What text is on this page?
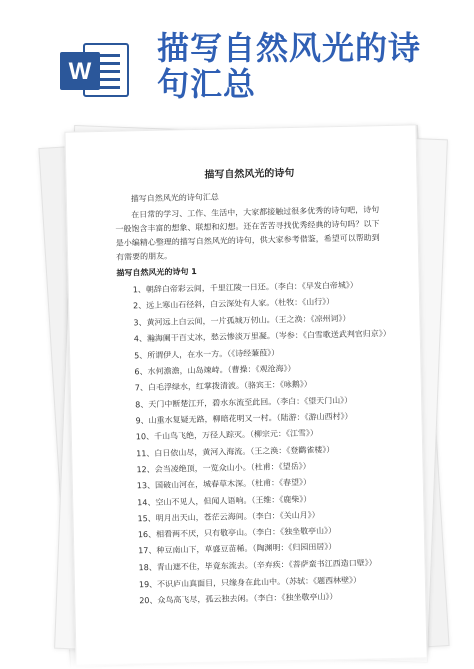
W
描写自然风光的诗
句汇总

描写自然风光的诗句

描写自然风光的诗句汇总

在日常的学习、工作、生活中，大家都接触过很多优秀的诗句吧，诗句一般饱含丰富的想象、联想和幻想。还在苦苦寻找优秀经典的诗句吗？以下是小编精心整理的描写自然风光的诗句，供大家参考借鉴，希望可以帮助到有需要的朋友。

描写自然风光的诗句 1

1、朝辞白帝彩云间，千里江陵一日还。（李白：《早发白帝城》）
2、远上寒山石径斜，白云深处有人家。（杜牧：《山行》）
3、黄河远上白云间，一片孤城万仞山。（王之涣：《凉州词》）
4、瀚海阑干百丈冰，愁云惨淡万里凝。（岑参：《白雪歌送武判官归京》）
5、所谓伊人，在水一方。（《诗经蒹葭》）
6、水何澹澹，山岛竦峙。（曹操：《观沧海》）
7、白毛浮绿水，红掌拨清波。（骆宾王：《咏鹅》）
8、天门中断楚江开，碧水东流至此回。（李白：《望天门山》）
9、山重水复疑无路，柳暗花明又一村。（陆游：《游山西村》）
10、千山鸟飞绝，万径人踪灭。（柳宗元：《江雪》）
11、白日依山尽，黄河入海流。（王之涣：《登鹳雀楼》）
12、会当凌绝顶，一览众山小。（杜甫：《望岳》）
13、国破山河在，城春草木深。（杜甫：《春望》）
14、空山不见人，但闻人语响。（王维：《鹿柴》）
15、明月出天山，苍茫云海间。（李白：《关山月》）
16、相看两不厌，只有敬亭山。（李白：《独坐敬亭山》）
17、种豆南山下，草盛豆苗稀。（陶渊明：《归园田居》）
18、青山遮不住，毕竟东流去。（辛弃疾：《菩萨蛮书江西造口壁》）
19、不识庐山真面目，只缘身在此山中。（苏轼：《题西林壁》）
20、众鸟高飞尽，孤云独去闲。（李白：《独坐敬亭山》）
